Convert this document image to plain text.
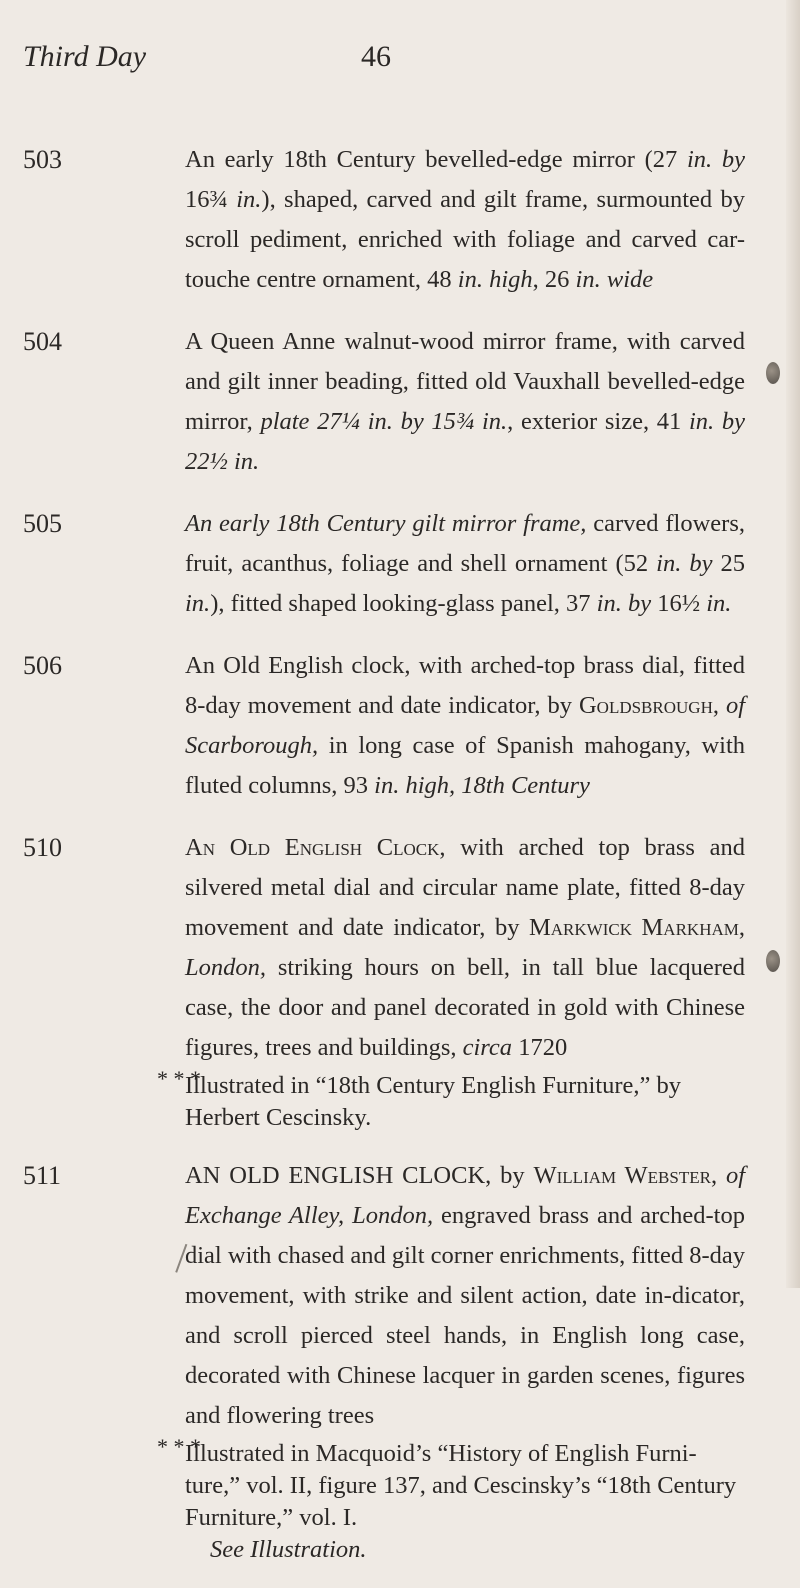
Third Day	46
503	An early 18th Century bevelled-edge mirror (27 in. by 16¾ in.), shaped, carved and gilt frame, surmounted by scroll pediment, enriched with foliage and carved car-touche centre ornament, 48 in. high, 26 in. wide
504	A Queen Anne walnut-wood mirror frame, with carved and gilt inner beading, fitted old Vauxhall bevelled-edge mirror, plate 27¼ in. by 15¾ in., exterior size, 41 in. by 22½ in.
505	An early 18th Century gilt mirror frame, carved flowers, fruit, acanthus, foliage and shell ornament (52 in. by 25 in.), fitted shaped looking-glass panel, 37 in. by 16½ in.
506	An Old English clock, with arched-top brass dial, fitted 8-day movement and date indicator, by Goldsbrough, of Scarborough, in long case of Spanish mahogany, with fluted columns, 93 in. high, 18th Century
510	An Old English Clock, with arched top brass and silvered metal dial and circular name plate, fitted 8-day movement and date indicator, by Markwick Markham, London, striking hours on bell, in tall blue lacquered case, the door and panel decorated in gold with Chinese figures, trees and buildings, circa 1720
* * *
Illustrated in “18th Century English Furniture,” by Herbert Cescinsky.
511	AN OLD ENGLISH CLOCK, by William Webster, of Exchange Alley, London, engraved brass and arched-top dial with chased and gilt corner enrichments, fitted 8-day movement, with strike and silent action, date in-dicator, and scroll pierced steel hands, in English long case, decorated with Chinese lacquer in garden scenes, figures and flowering trees
* * *
Illustrated in Macquoid’s “History of English Furni-ture,” vol. II, figure 137, and Cescinsky’s “18th Century Furniture,” vol. I.
See Illustration.
